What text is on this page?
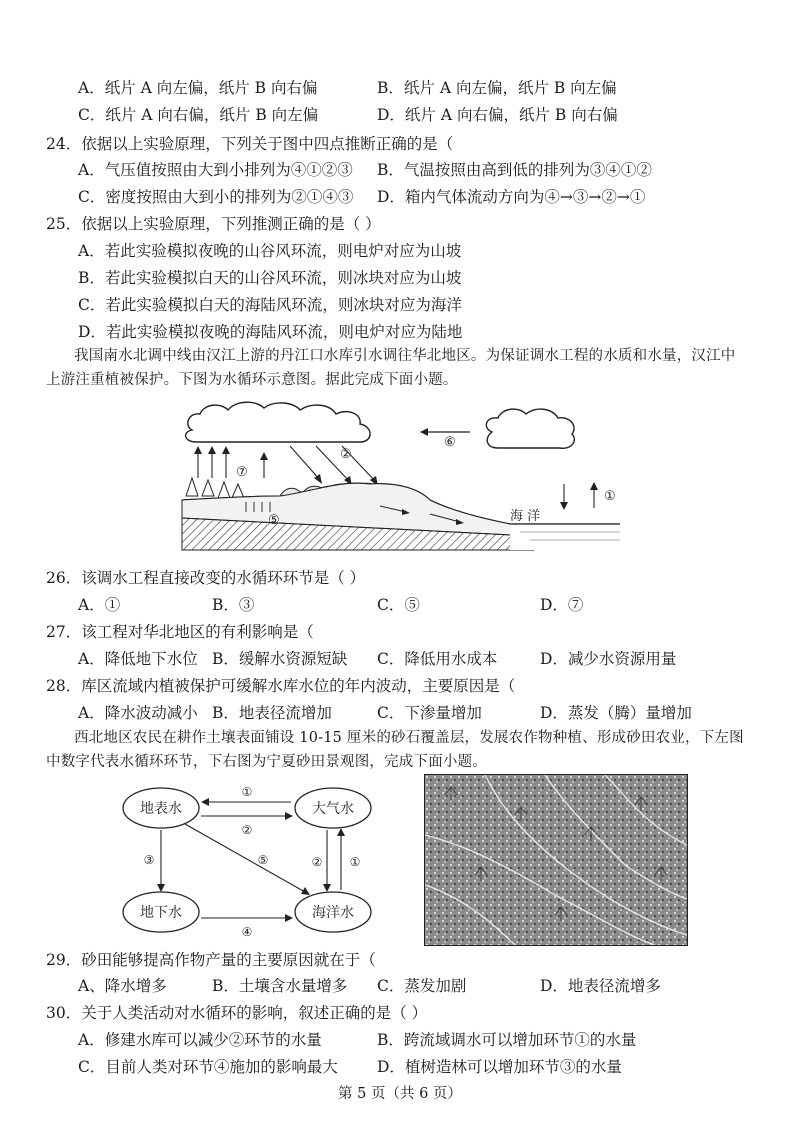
A．纸片 A 向左偏，纸片 B 向右偏	B．纸片 A 向左偏，纸片 B 向左偏
C．纸片 A 向右偏，纸片 B 向左偏	D．纸片 A 向右偏，纸片 B 向右偏
24．依据以上实验原理，下列关于图中四点推断正确的是（
A．气压值按照由大到小排列为④①②③ B．气温按照由高到低的排列为③④①②
C．密度按照由大到小的排列为②①④③ D．箱内气体流动方向为④→③→②→①
25．依据以上实验原理，下列推测正确的是（ ）
A．若此实验模拟夜晚的山谷风环流，则电炉对应为山坡
B．若此实验模拟白天的山谷风环流，则冰块对应为山坡
C．若此实验模拟白天的海陆风环流，则冰块对应为海洋
D．若此实验模拟夜晚的海陆风环流，则电炉对应为陆地
我国南水北调中线由汉江上游的丹江口水库引水调往华北地区。为保证调水工程的水质和水量，汉江中上游注重植被保护。下图为水循环示意图。据此完成下面小题。
②
⑥
⑦
⑤
①
海 洋
26．该调水工程直接改变的水循环环节是（ ）
A．①	B．③	C．⑤	D．⑦
27．该工程对华北地区的有利影响是（
A．降低地下水位 B．缓解水资源短缺 C．降低用水成本	D．减少水资源用量
28．库区流域内植被保护可缓解水库水位的年内波动，主要原因是（
A．降水波动减小 B．地表径流增加	C．下渗量增加	D．蒸发（腾）量增加
西北地区农民在耕作土壤表面铺设 10-15 厘米的砂石覆盖层，发展农作物种植、形成砂田农业，下左图中数字代表水循环环节，下右图为宁夏砂田景观图，完成下面小题。
地表水	大气水
地下水	海洋水
①
②
③	⑤
④
② ①
29．砂田能够提高作物产量的主要原因就在于（
A、降水增多	B．土壤含水量增多 C．蒸发加剧	D．地表径流增多
30．关于人类活动对水循环的影响，叙述正确的是（ ）
A．修建水库可以减少②环节的水量	B．跨流域调水可以增加环节①的水量
C．目前人类对环节④施加的影响最大	D．植树造林可以增加环节③的水量
第 5 页（共 6 页）
